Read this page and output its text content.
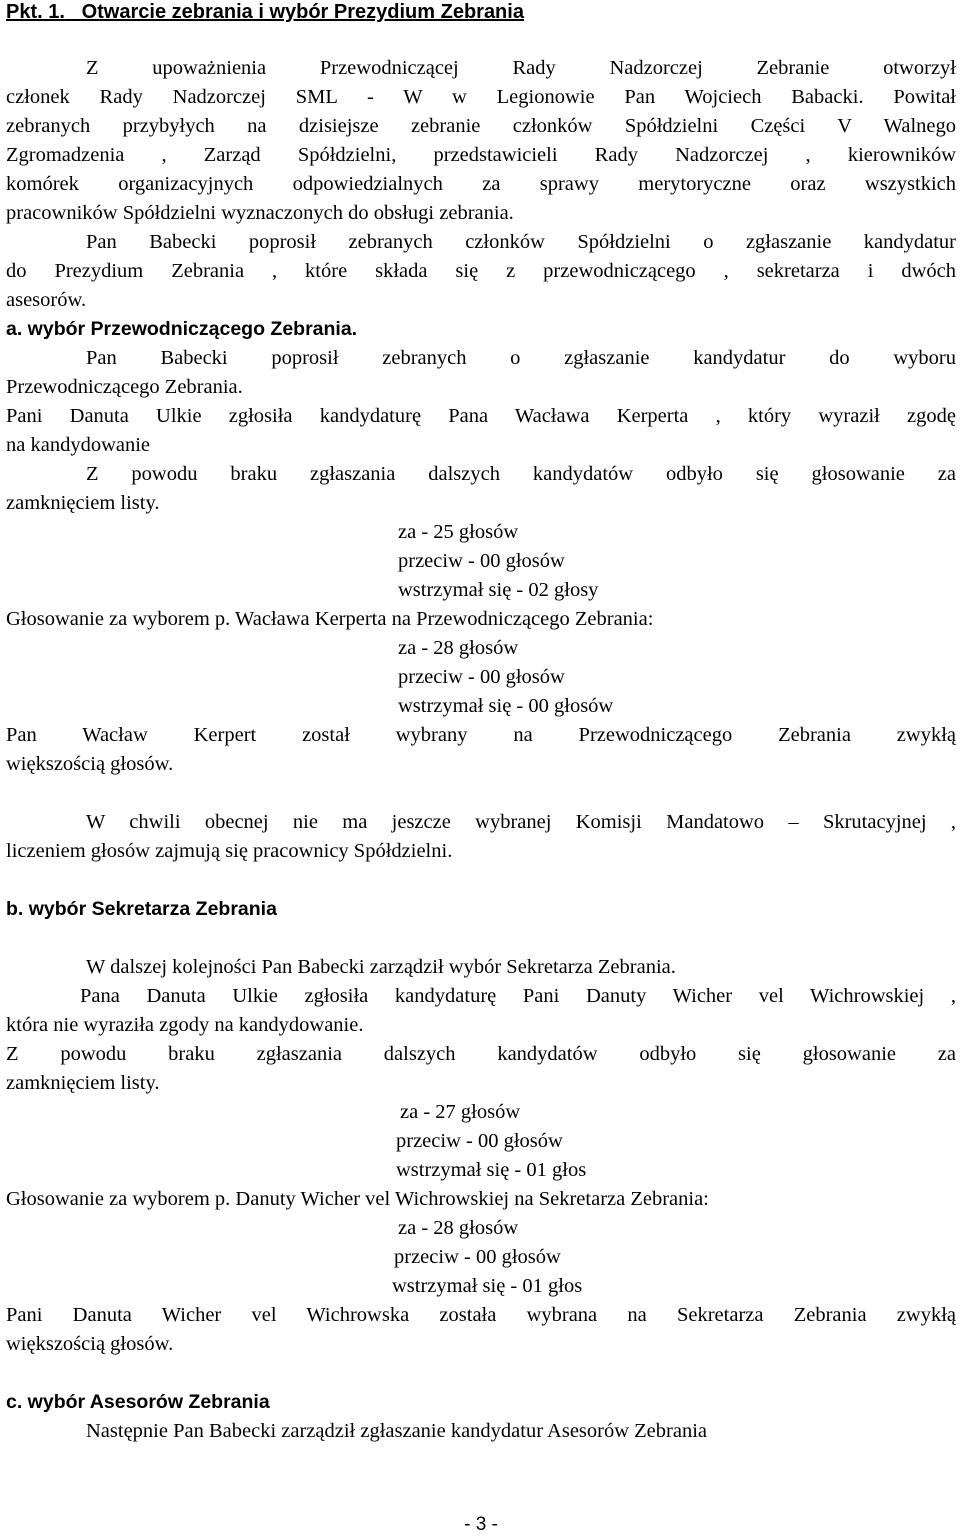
Pkt. 1. Otwarcie zebrania i wybór Prezydium Zebrania
Z upoważnienia Przewodniczącej Rady Nadzorczej Zebranie otworzył
członek Rady Nadzorczej SML - W w Legionowie Pan Wojciech Babacki. Powitał
zebranych przybyłych na dzisiejsze zebranie członków Spółdzielni Części V Walnego
Zgromadzenia , Zarząd Spółdzielni, przedstawicieli Rady Nadzorczej , kierowników
komórek organizacyjnych odpowiedzialnych za sprawy merytoryczne oraz wszystkich
pracowników Spółdzielni wyznaczonych do obsługi zebrania.
Pan Babecki poprosił zebranych członków Spółdzielni o zgłaszanie kandydatur
do Prezydium Zebrania , które składa się z przewodniczącego , sekretarza i dwóch
asesorów.
a. wybór Przewodniczącego Zebrania.
Pan Babecki poprosił zebranych o zgłaszanie kandydatur do wyboru
Przewodniczącego Zebrania.
Pani Danuta Ulkie zgłosiła kandydaturę Pana Wacława Kerperta , który wyraził zgodę
na kandydowanie
Z powodu braku zgłaszania dalszych kandydatów odbyło się głosowanie za
zamknięciem listy.
za - 25 głosów
przeciw - 00 głosów
wstrzymał się - 02 głosy
Głosowanie za wyborem p. Wacława Kerperta na Przewodniczącego Zebrania:
za - 28 głosów
przeciw - 00 głosów
wstrzymał się - 00 głosów
Pan Wacław Kerpert został wybrany na Przewodniczącego Zebrania zwykłą
większością głosów.
W chwili obecnej nie ma jeszcze wybranej Komisji Mandatowo – Skrutacyjnej ,
liczeniem głosów zajmują się pracownicy Spółdzielni.
b. wybór Sekretarza Zebrania
W dalszej kolejności Pan Babecki zarządził wybór Sekretarza Zebrania.
Pana Danuta Ulkie zgłosiła kandydaturę Pani Danuty Wicher vel Wichrowskiej ,
która nie wyraziła zgody na kandydowanie.
Z powodu braku zgłaszania dalszych kandydatów odbyło się głosowanie za
zamknięciem listy.
za - 27 głosów
przeciw - 00 głosów
wstrzymał się - 01 głos
Głosowanie za wyborem p. Danuty Wicher vel Wichrowskiej na Sekretarza Zebrania:
za - 28 głosów
przeciw - 00 głosów
wstrzymał się - 01 głos
Pani Danuta Wicher vel Wichrowska została wybrana na Sekretarza Zebrania zwykłą
większością głosów.
c. wybór Asesorów Zebrania
Następnie Pan Babecki zarządził zgłaszanie kandydatur Asesorów Zebrania
- 3 -
